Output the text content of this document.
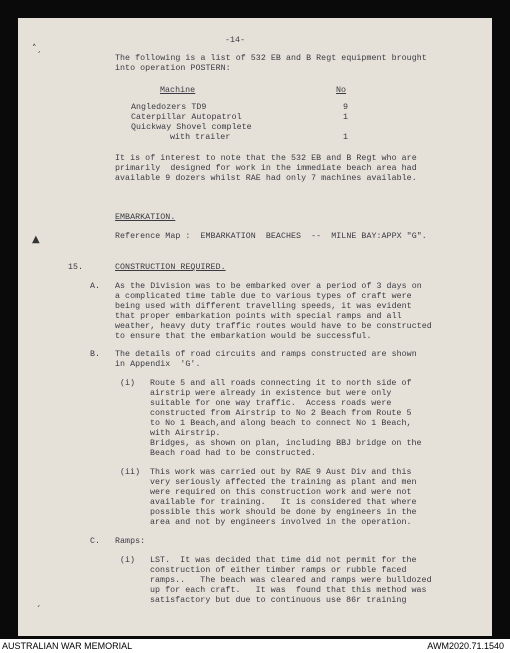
-14-
The following is a list of 532 EB and B Regt equipment brought
into operation POSTERN:
Machine	No
Angledozers TD9	9
Caterpillar Autopatrol	1
Quickway Shovel complete
with trailer	1
It is of interest to note that the 532 EB and B Regt who are
primarily  designed for work in the immediate beach area had
available 9 dozers whilst RAE had only 7 machines available.
EMBARKATION.
Reference Map :  EMBARKATION  BEACHES  --  MILNE BAY:APPX "G".
15.	CONSTRUCTION REQUIRED.
A. As the Division was to be embarked over a period of 3 days on
a complicated time table due to various types of craft were
being used with different travelling speeds, it was evident
that proper embarkation points with special ramps and all
weather, heavy duty traffic routes would have to be constructed
to ensure that the embarkation would be successful.
B. The details of road circuits and ramps constructed are shown
in Appendix  'G'.
(i) Route 5 and all roads connecting it to north side of
airstrip were already in existence but were only
suitable for one way traffic.  Access roads were
constructed from Airstrip to No 2 Beach from Route 5
to No 1 Beach,and along beach to connect No 1 Beach,
with Airstrip.
Bridges, as shown on plan, including BBJ bridge on the
Beach road had to be constructed.
(ii) This work was carried out by RAE 9 Aust Div and this
very seriously affected the training as plant and men
were required on this construction work and were not
available for training.   It is considered that where
possible this work should be done by engineers in the
area and not by engineers involved in the operation.
C. Ramps:
(i) LST.  It was decided that time did not permit for the
construction of either timber ramps or rubble faced
ramps..   The beach was cleared and ramps were bulldozed
up for each craft.   It was  found that this method was
satisfactory but due to continuous use 86r training
˄ˏ
▲
ˏ
AUSTRALIAN WAR MEMORIAL	AWM2020.71.1540
